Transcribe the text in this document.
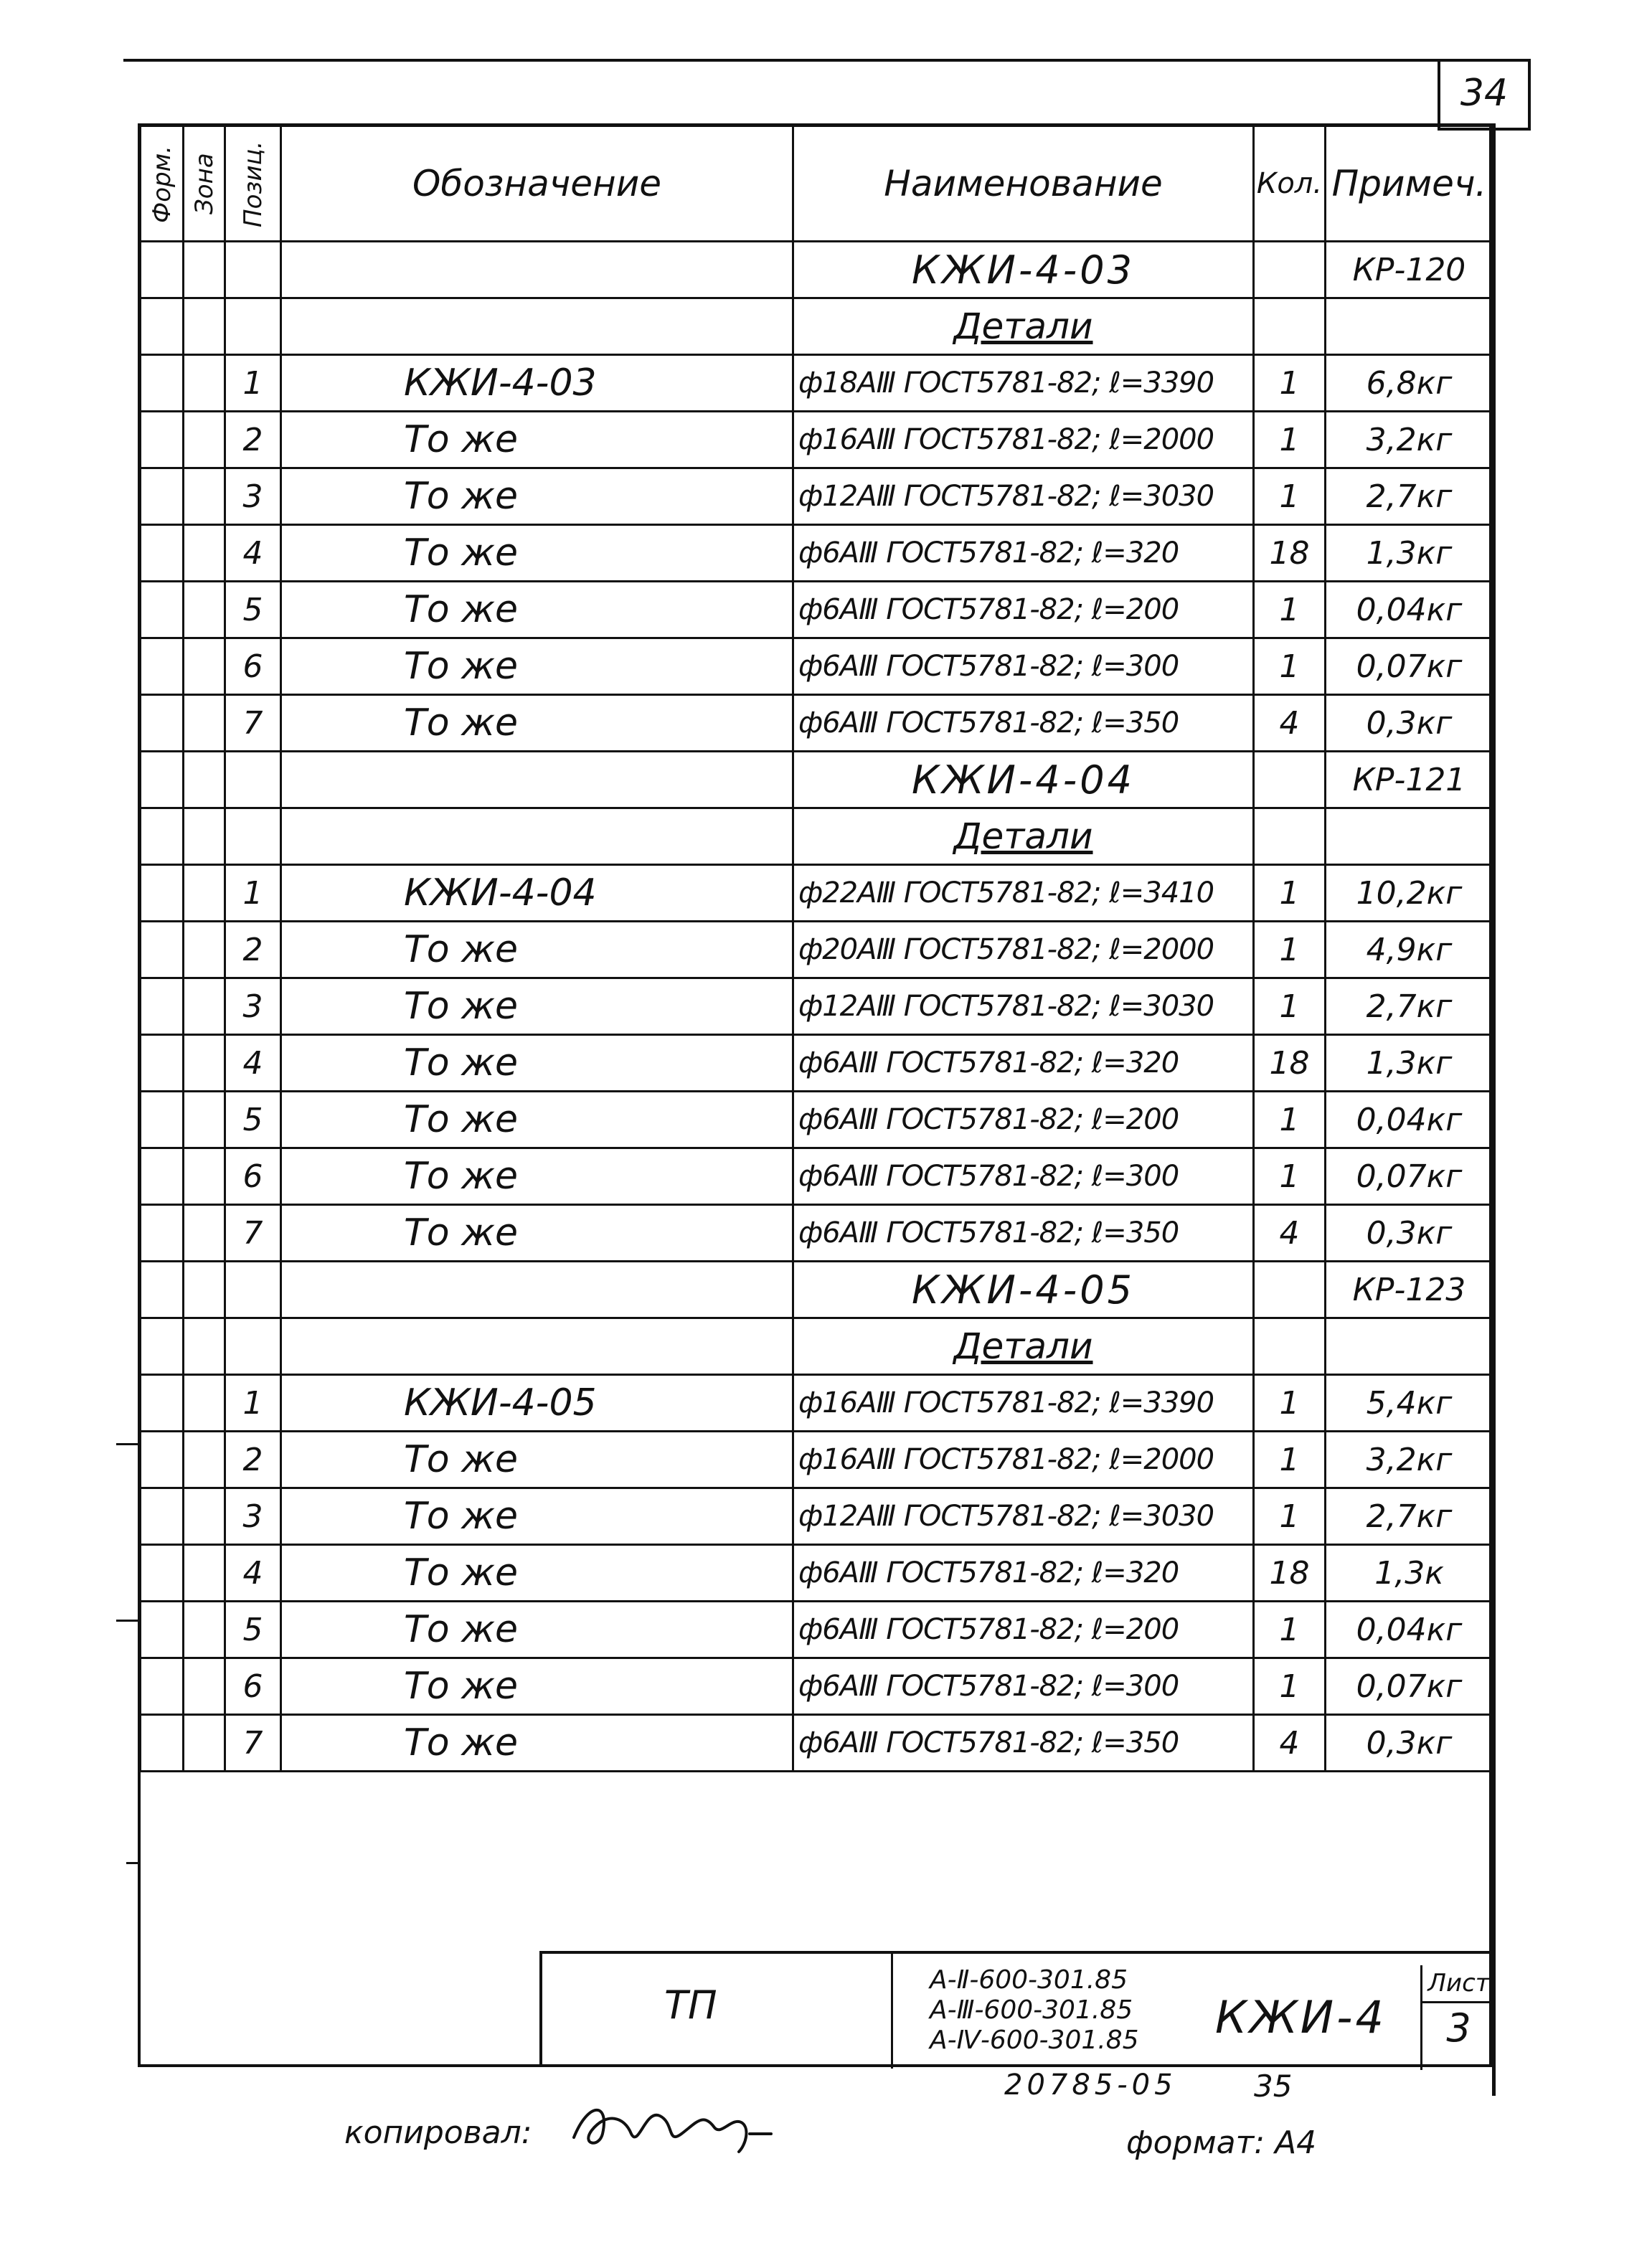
34
Форм.	Зона	Позиц.	Обозначение	Наименование	Кол.	Примеч.
				КЖИ-4-03		КР-120
				Детали		
		1	КЖИ-4-03	ф18АⅢ ГОСТ5781-82; ℓ=3390	1	6,8кг
		2	То же	ф16АⅢ ГОСТ5781-82; ℓ=2000	1	3,2кг
		3	То же	ф12АⅢ ГОСТ5781-82; ℓ=3030	1	2,7кг
		4	То же	ф6АⅢ ГОСТ5781-82; ℓ=320	18	1,3кг
		5	То же	ф6АⅢ ГОСТ5781-82; ℓ=200	1	0,04кг
		6	То же	ф6АⅢ ГОСТ5781-82; ℓ=300	1	0,07кг
		7	То же	ф6АⅢ ГОСТ5781-82; ℓ=350	4	0,3кг
				КЖИ-4-04		КР-121
				Детали		
		1	КЖИ-4-04	ф22АⅢ ГОСТ5781-82; ℓ=3410	1	10,2кг
		2	То же	ф20АⅢ ГОСТ5781-82; ℓ=2000	1	4,9кг
		3	То же	ф12АⅢ ГОСТ5781-82; ℓ=3030	1	2,7кг
		4	То же	ф6АⅢ ГОСТ5781-82; ℓ=320	18	1,3кг
		5	То же	ф6АⅢ ГОСТ5781-82; ℓ=200	1	0,04кг
		6	То же	ф6АⅢ ГОСТ5781-82; ℓ=300	1	0,07кг
		7	То же	ф6АⅢ ГОСТ5781-82; ℓ=350	4	0,3кг
				КЖИ-4-05		КР-123
				Детали		
		1	КЖИ-4-05	ф16АⅢ ГОСТ5781-82; ℓ=3390	1	5,4кг
		2	То же	ф16АⅢ ГОСТ5781-82; ℓ=2000	1	3,2кг
		3	То же	ф12АⅢ ГОСТ5781-82; ℓ=3030	1	2,7кг
		4	То же	ф6АⅢ ГОСТ5781-82; ℓ=320	18	1,3к
		5	То же	ф6АⅢ ГОСТ5781-82; ℓ=200	1	0,04кг
		6	То же	ф6АⅢ ГОСТ5781-82; ℓ=300	1	0,07кг
		7	То же	ф6АⅢ ГОСТ5781-82; ℓ=350	4	0,3кг
ТП
А-Ⅱ-600-301.85
А-Ⅲ-600-301.85
А-Ⅳ-600-301.85 КЖИ-4
Лист
3
20785-05	35
копировал:	формат: А4
